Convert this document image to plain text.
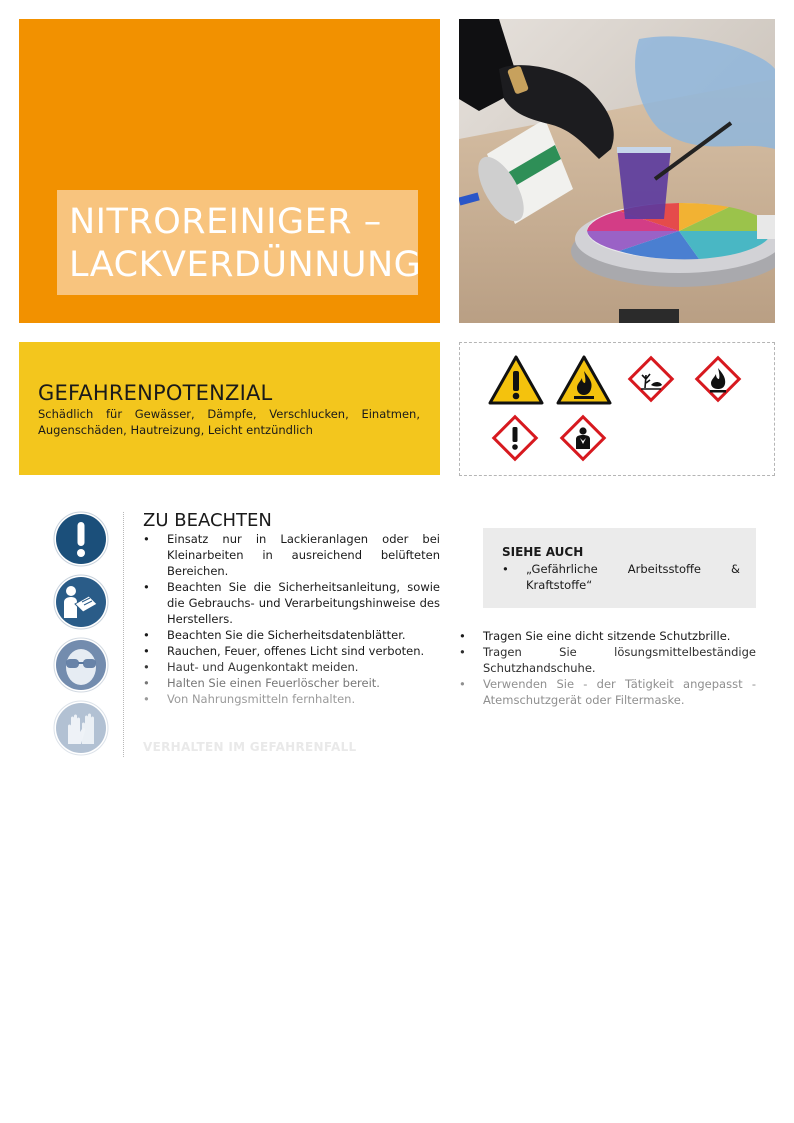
NITROREINIGER –
LACKVERDÜNNUNG
GEFAHRENPOTENZIAL
Schädlich für Gewässer, Dämpfe, Verschlucken, Einatmen, Augenschäden, Hautreizung, Leicht entzündlich
ZU BEACHTEN
• Einsatz nur in Lackieranlagen oder bei Kleinarbeiten in ausreichend belüfteten Bereichen.
• Beachten Sie die Sicherheitsanleitung, sowie die Gebrauchs- und Verarbeitungshinweise des Herstellers.
• Beachten Sie die Sicherheitsdatenblätter.
• Rauchen, Feuer, offenes Licht sind verboten.
• Haut- und Augenkontakt meiden.
• Halten Sie einen Feuerlöscher bereit.
• Von Nahrungsmitteln fernhalten.
SIEHE AUCH
• „Gefährliche Arbeitsstoffe & Kraftstoffe“
• Tragen Sie eine dicht sitzende Schutzbrille.
• Tragen Sie lösungsmittelbeständige Schutzhandschuhe.
• Verwenden Sie - der Tätigkeit angepasst - Atemschutzgerät oder Filtermaske.
VERHALTEN IM GEFAHRENFALL
